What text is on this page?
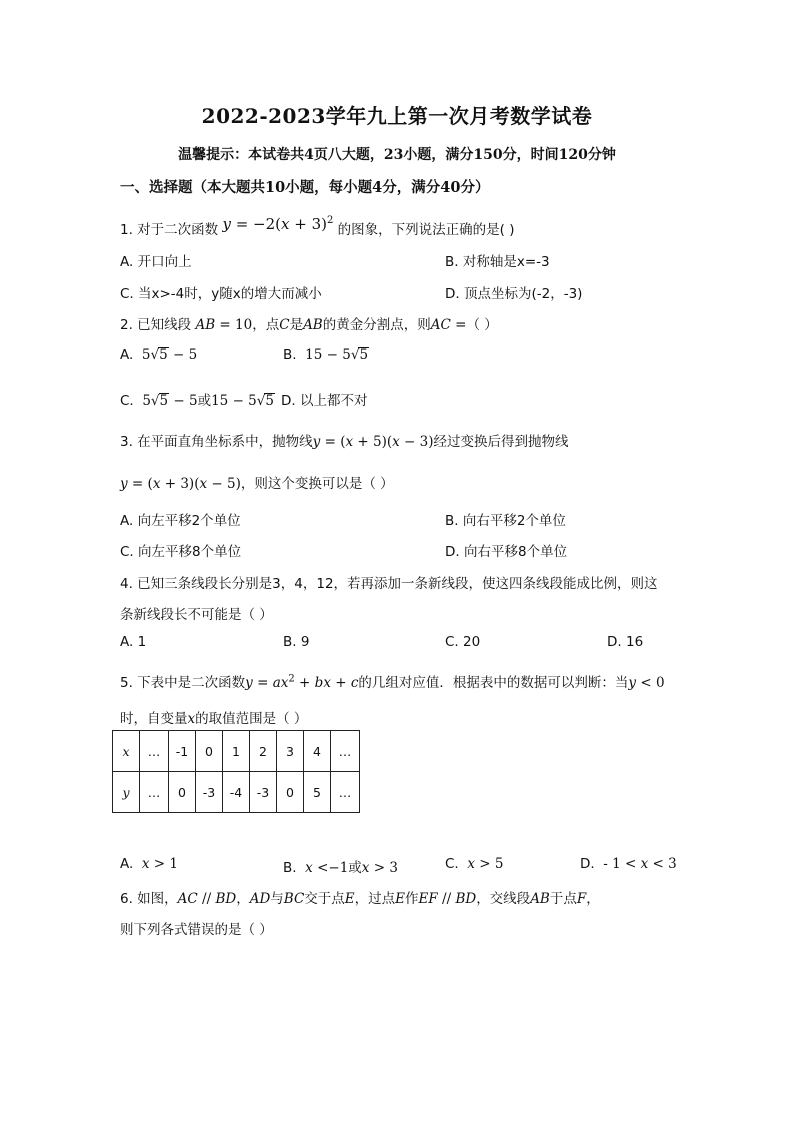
2022-2023学年九上第一次月考数学试卷
温馨提示：本试卷共4页八大题，23小题，满分150分，时间120分钟
一、选择题（本大题共10小题，每小题4分，满分40分）
1. 对于二次函数 $y = -2(x + 3)^2$ 的图象，下列说法正确的是( )
A. 开口向上	B. 对称轴是x=-3
C. 当x>-4时，y随x的增大而减小	D. 顶点坐标为(-2，-3)
2. 已知线段 AB = 10，点C是AB的黄金分割点，则AC =（ ）
A. 5√5 − 5	B. 15 − 5√5
C. 5√5 − 5或15 − 5√5 D. 以上都不对
3. 在平面直角坐标系中，抛物线y = (x + 5)(x − 3)经过变换后得到抛物线
y = (x + 3)(x − 5)，则这个变换可以是（ ）
A. 向左平移2个单位	B. 向右平移2个单位
C. 向左平移8个单位	D. 向右平移8个单位
4. 已知三条线段长分别是3，4，12，若再添加一条新线段，使这四条线段能成比例，则这
条新线段长不可能是（ ）
A. 1	B. 9	C. 20	D. 16
5. 下表中是二次函数$y = ax^2$ + bx + c的几组对应值．根据表中的数据可以判断：当y < 0
时，自变量x的取值范围是（ ）
x	…	-1	0	1	2	3	4	…
y	…	0	-3	-4	-3	0	5	…
A. x > 1	B. x <−1或x > 3	C. x > 5	D. - 1 < x < 3
6. 如图，AC // BD，AD与BC交于点E，过点E作EF // BD，交线段AB于点F，
则下列各式错误的是（ ）
